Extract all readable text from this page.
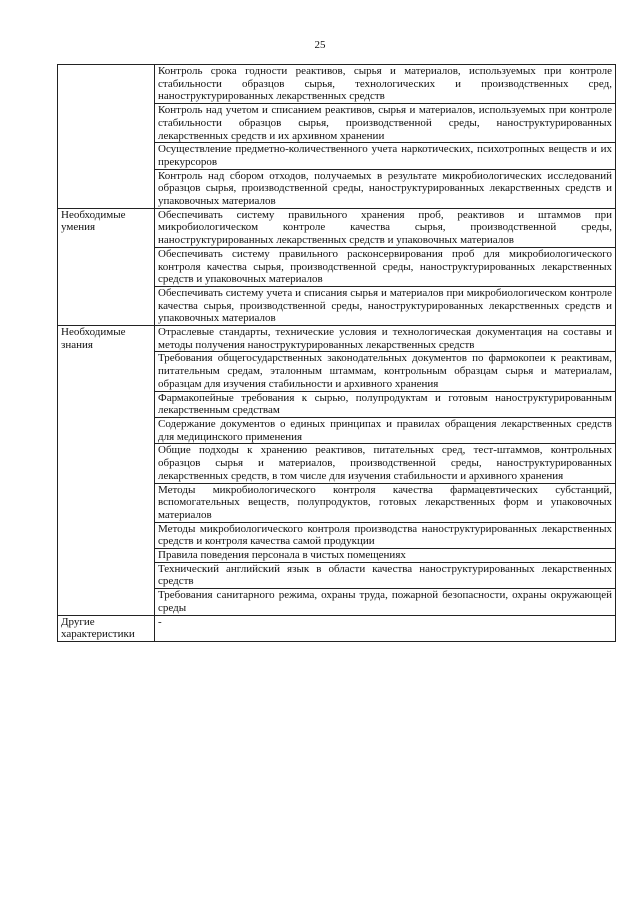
25
	Контроль срока годности реактивов, сырья и материалов, используемых при контроле стабильности образцов сырья, технологических и производственных сред, наноструктурированных лекарственных средств
	Контроль над учетом и списанием реактивов, сырья и материалов, используемых при контроле стабильности образцов сырья, производственной среды, наноструктурированных лекарственных средств и их архивном хранении
	Осуществление предметно-количественного учета наркотических, психотропных веществ и их прекурсоров
	Контроль над сбором отходов, получаемых в результате микробиологических исследований образцов сырья, производственной среды, наноструктурированных лекарственных средств и упаковочных материалов
Необходимые умения	Обеспечивать систему правильного хранения проб, реактивов и штаммов при микробиологическом контроле качества сырья, производственной среды, наноструктурированных лекарственных средств и упаковочных материалов
	Обеспечивать систему правильного расконсервирования проб для микробиологического контроля качества сырья, производственной среды, наноструктурированных лекарственных средств и упаковочных материалов
	Обеспечивать систему учета и списания сырья и материалов при микробиологическом контроле качества сырья, производственной среды, наноструктурированных лекарственных средств и упаковочных материалов
Необходимые знания	Отраслевые стандарты, технические условия и технологическая документация на составы и методы получения наноструктурированных лекарственных средств
	Требования общегосударственных законодательных документов по фармокопеи к реактивам, питательным средам, эталонным штаммам, контрольным образцам сырья и материалам, образцам для изучения стабильности и архивного хранения
	Фармакопейные требования к сырью, полупродуктам и готовым наноструктурированным лекарственным средствам
	Содержание документов о единых принципах и правилах обращения лекарственных средств для медицинского применения
	Общие подходы к хранению реактивов, питательных сред, тест-штаммов, контрольных образцов сырья и материалов, производственной среды, наноструктурированных лекарственных средств, в том числе для изучения стабильности и архивного хранения
	Методы микробиологического контроля качества фармацевтических субстанций, вспомогательных веществ, полупродуктов, готовых лекарственных форм и упаковочных материалов
	Методы микробиологического контроля производства наноструктурированных лекарственных средств и контроля качества самой продукции
	Правила поведения персонала в чистых помещениях
	Технический английский язык в области качества наноструктурированных лекарственных средств
	Требования санитарного режима, охраны труда, пожарной безопасности, охраны окружающей среды
Другие характеристики	-
